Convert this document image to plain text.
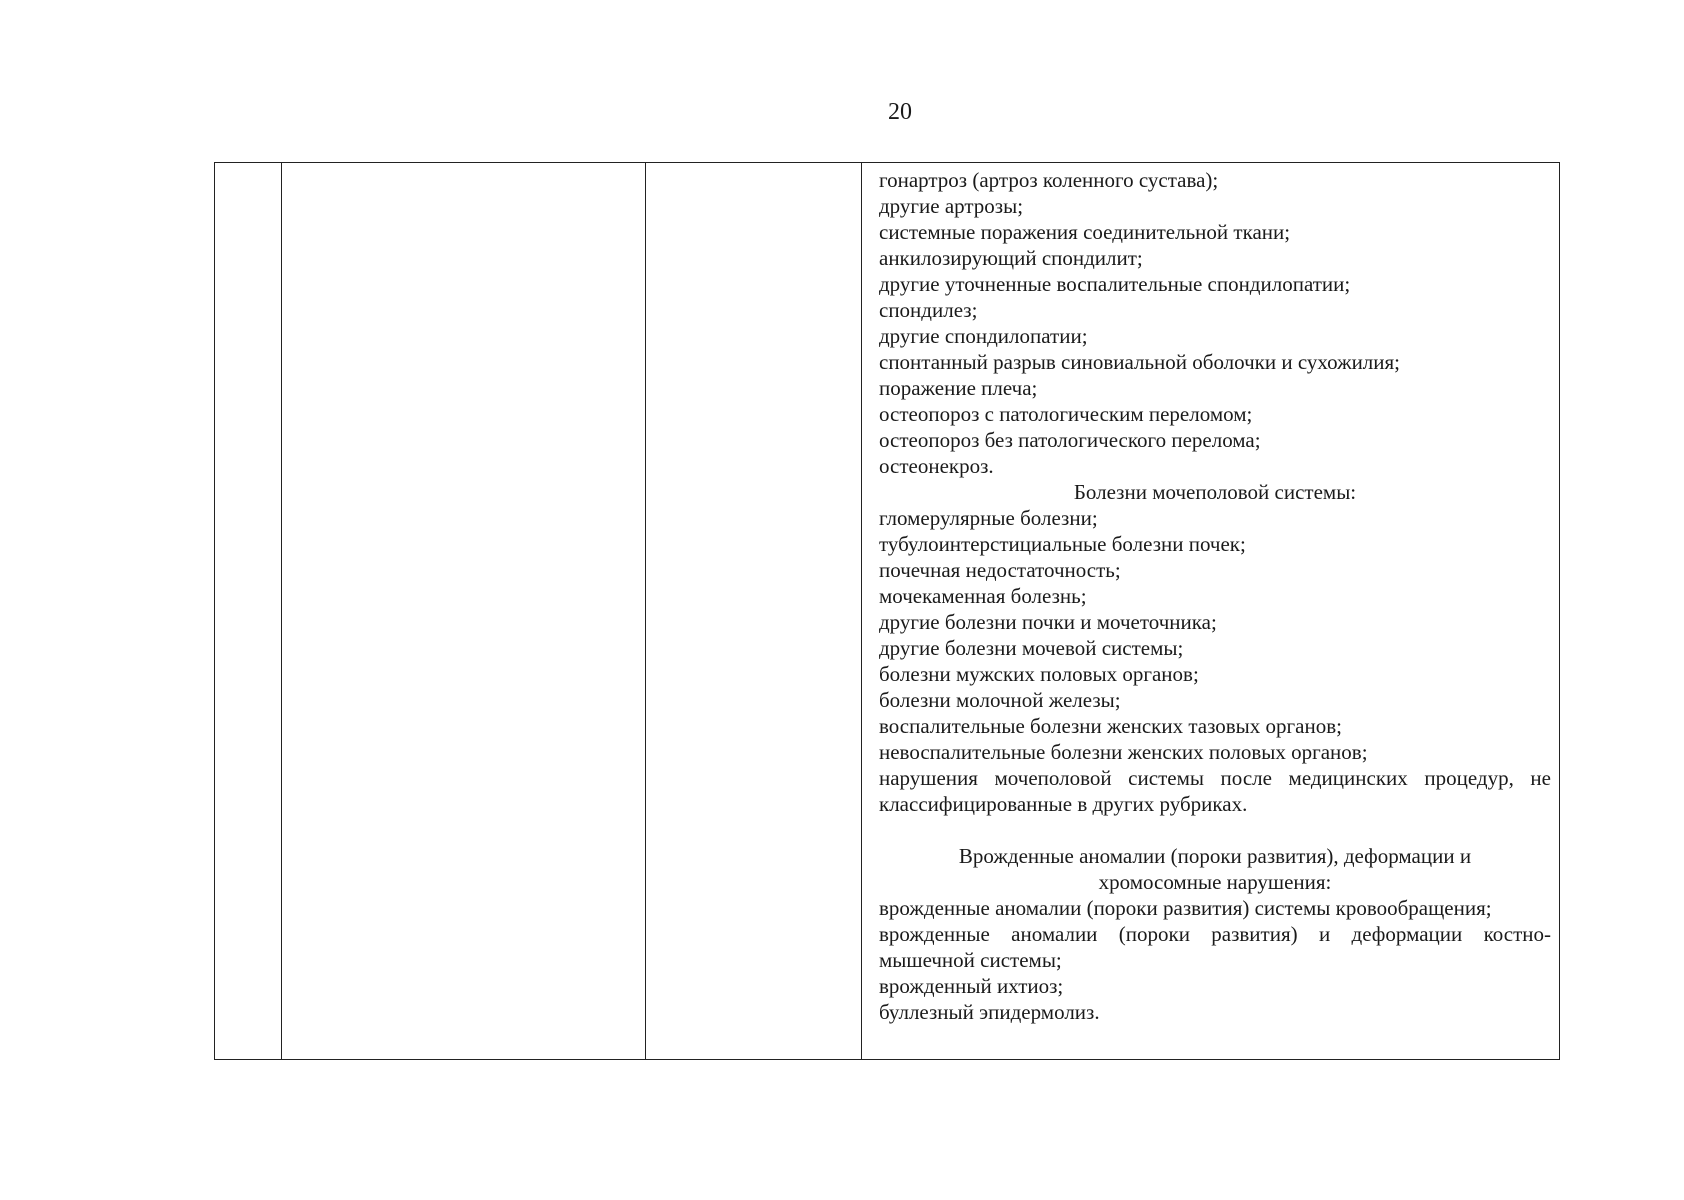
20
гонартроз (артроз коленного сустава);
другие артрозы;
системные поражения соединительной ткани;
анкилозирующий спондилит;
другие уточненные воспалительные спондилопатии;
спондилез;
другие спондилопатии;
спонтанный разрыв синовиальной оболочки и сухожилия;
поражение плеча;
остеопороз с патологическим переломом;
остеопороз без патологического перелома;
остеонекроз.
Болезни мочеполовой системы:
гломерулярные болезни;
тубулоинтерстициальные болезни почек;
почечная недостаточность;
мочекаменная болезнь;
другие болезни почки и мочеточника;
другие болезни мочевой системы;
болезни мужских половых органов;
болезни молочной железы;
воспалительные болезни женских тазовых органов;
невоспалительные болезни женских половых органов;
нарушения мочеполовой системы после медицинских процедур, не
классифицированные в других рубриках.
Врожденные аномалии (пороки развития), деформации и
хромосомные нарушения:
врожденные аномалии (пороки развития) системы кровообращения;
врожденные аномалии (пороки развития) и деформации костно-
мышечной системы;
врожденный ихтиоз;
буллезный эпидермолиз.
